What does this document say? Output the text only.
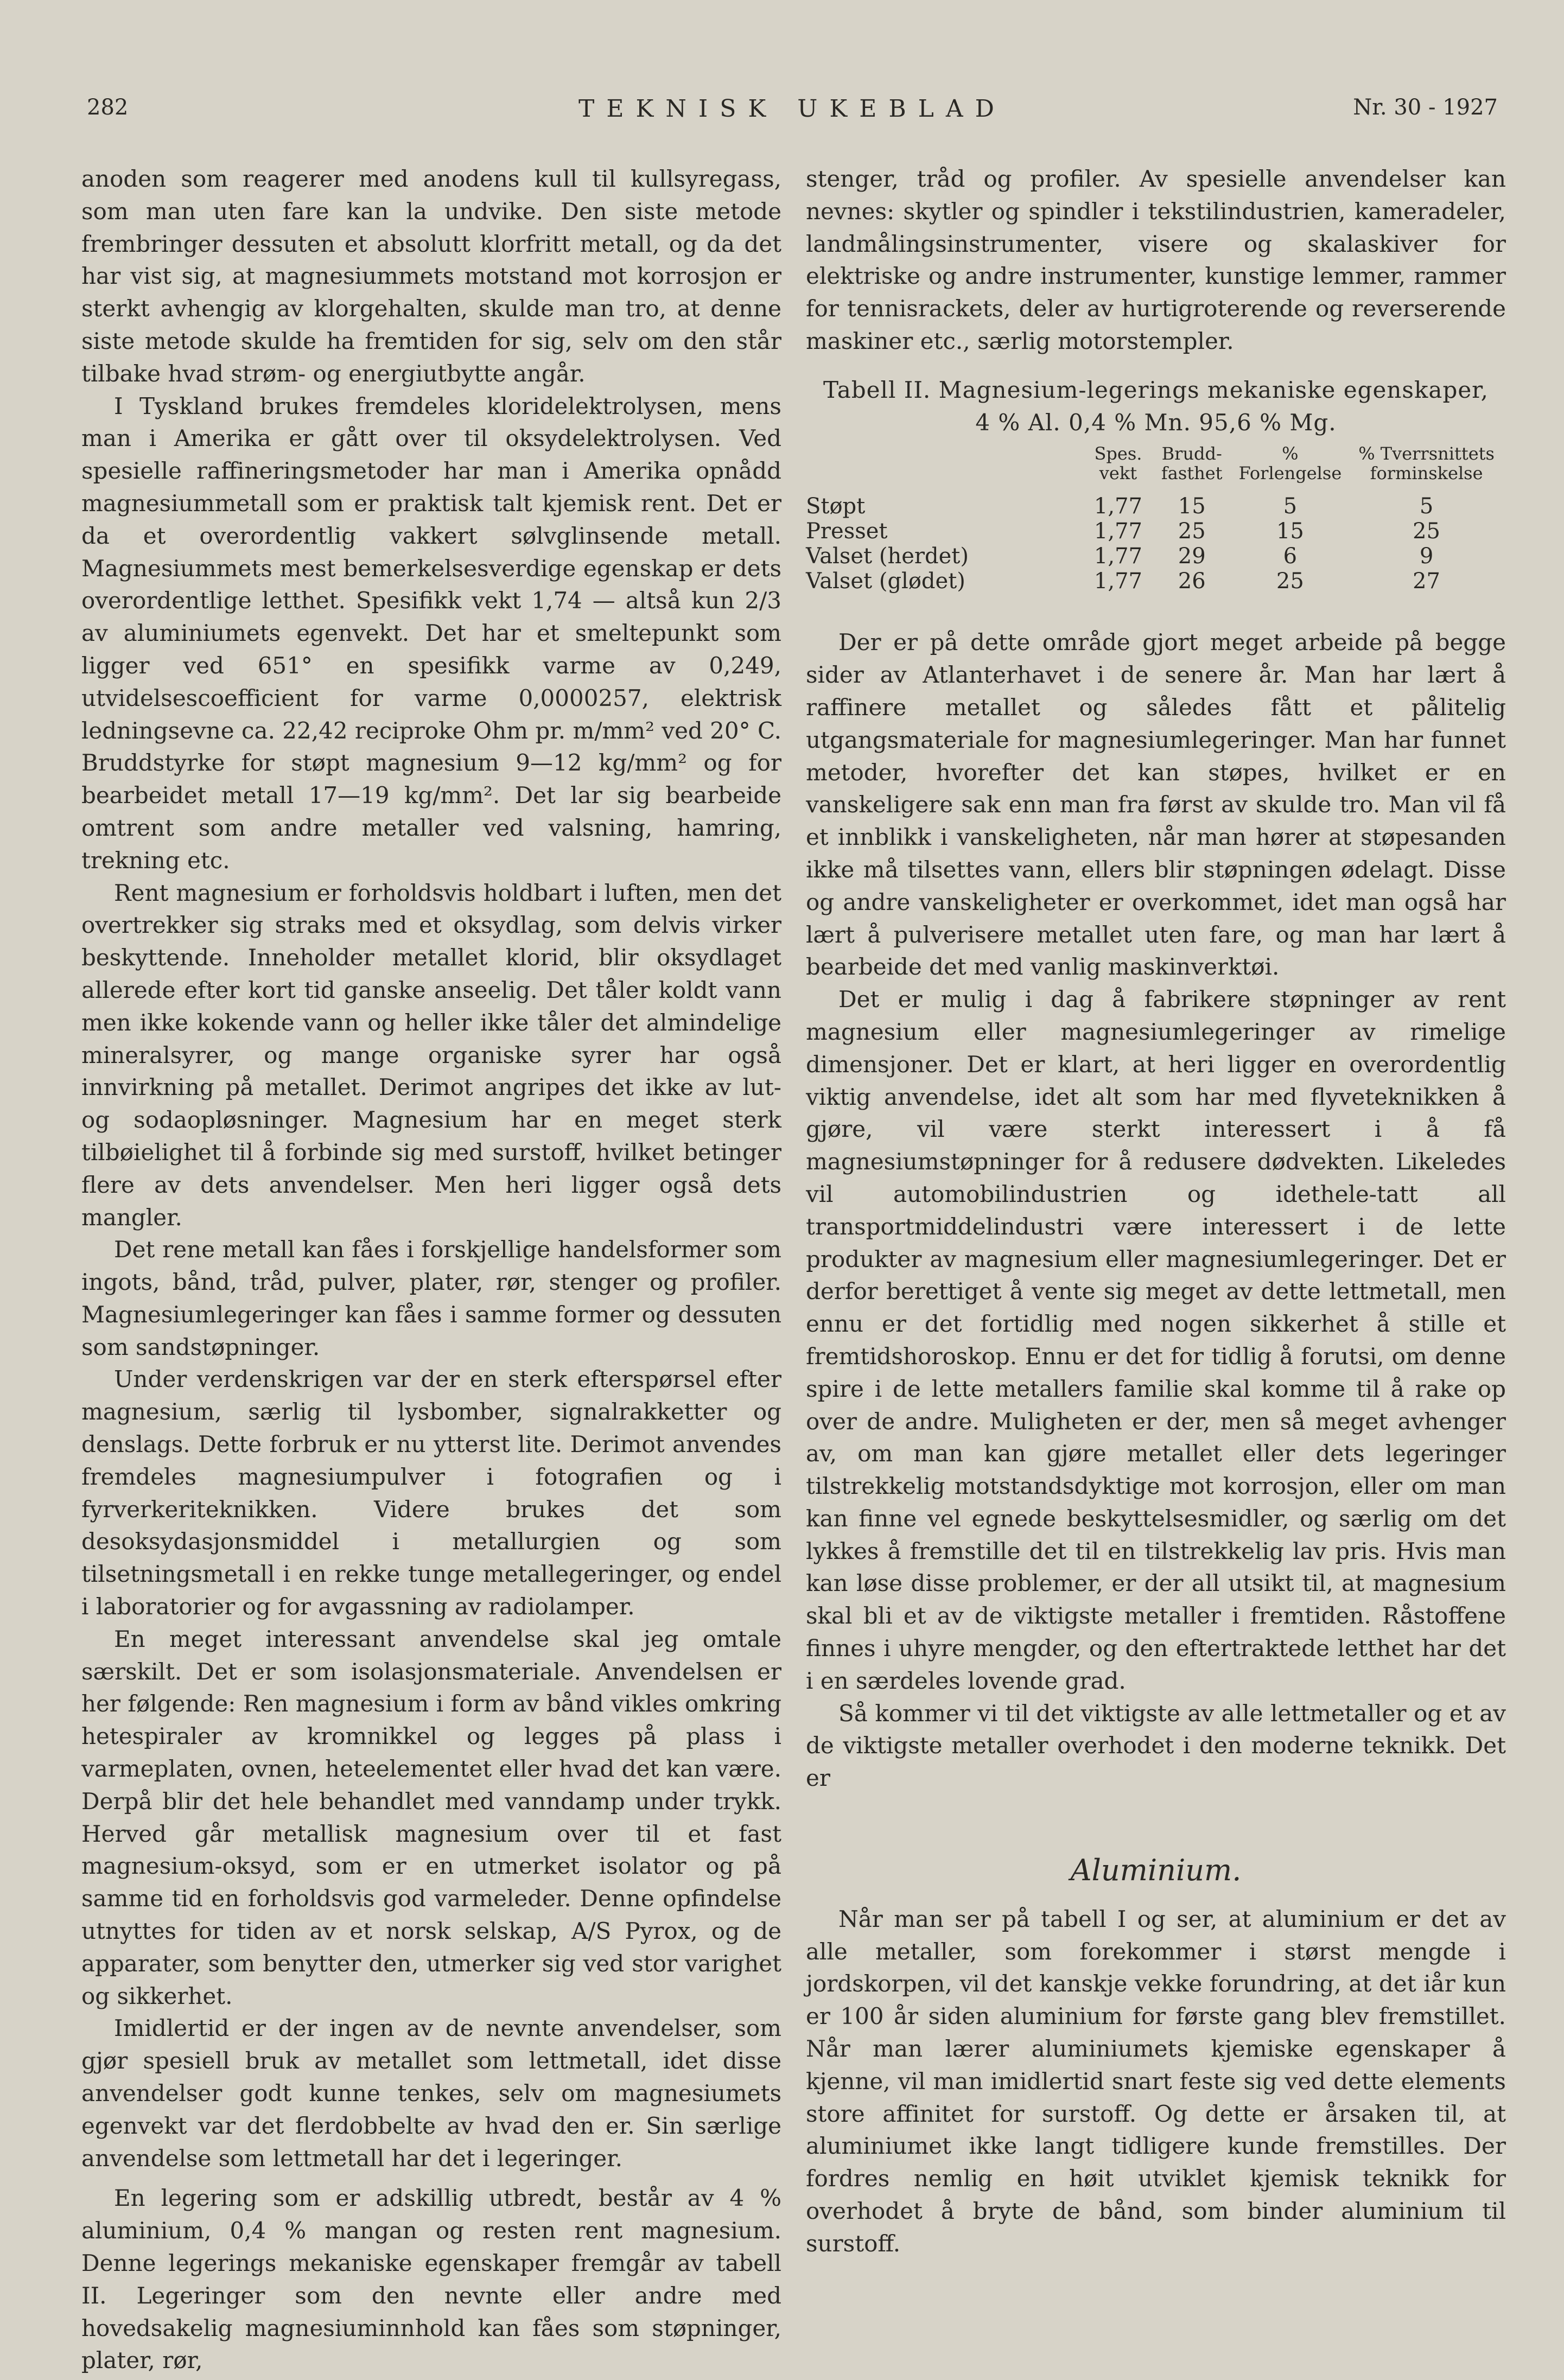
282	TEKNISK UKEBLAD	Nr. 30 - 1927

anoden som reagerer med anodens kull til kullsyregass, som man uten fare kan la undvike. Den siste metode frembringer dessuten et absolutt klorfritt metall, og da det har vist sig, at magnesiummets motstand mot korrosjon er sterkt avhengig av klorgehalten, skulde man tro, at denne siste metode skulde ha fremtiden for sig, selv om den står tilbake hvad strøm- og energiutbytte angår.

I Tyskland brukes fremdeles kloridelektrolysen, mens man i Amerika er gått over til oksydelektrolysen. Ved spesielle raffineringsmetoder har man i Amerika opnådd magnesiummetall som er praktisk talt kjemisk rent. Det er da et overordentlig vakkert sølvglinsende metall. Magnesiummets mest bemerkelsesverdige egenskap er dets overordentlige letthet. Spesifikk vekt 1,74 — altså kun 2/3 av aluminiumets egenvekt. Det har et smeltepunkt som ligger ved 651° en spesifikk varme av 0,249, utvidelsescoefficient for varme 0,0000257, elektrisk ledningsevne ca. 22,42 reciproke Ohm pr. m/mm² ved 20° C. Bruddstyrke for støpt magnesium 9—12 kg/mm² og for bearbeidet metall 17—19 kg/mm². Det lar sig bearbeide omtrent som andre metaller ved valsning, hamring, trekning etc.

Rent magnesium er forholdsvis holdbart i luften, men det overtrekker sig straks med et oksydlag, som delvis virker beskyttende. Inneholder metallet klorid, blir oksydlaget allerede efter kort tid ganske anseelig. Det tåler koldt vann men ikke kokende vann og heller ikke tåler det almindelige mineralsyrer, og mange organiske syrer har også innvirkning på metallet. Derimot angripes det ikke av lut- og sodaopløsninger. Magnesium har en meget sterk tilbøielighet til å forbinde sig med surstoff, hvilket betinger flere av dets anvendelser. Men heri ligger også dets mangler.

Det rene metall kan fåes i forskjellige handelsformer som ingots, bånd, tråd, pulver, plater, rør, stenger og profiler. Magnesiumlegeringer kan fåes i samme former og dessuten som sandstøpninger.

Under verdenskrigen var der en sterk efterspørsel efter magnesium, særlig til lysbomber, signalrakketter og denslags. Dette forbruk er nu ytterst lite. Derimot anvendes fremdeles magnesiumpulver i fotografien og i fyrverkeriteknikken. Videre brukes det som desoksydasjonsmiddel i metallurgien og som tilsetningsmetall i en rekke tunge metallegeringer, og endel i laboratorier og for avgassning av radiolamper.

En meget interessant anvendelse skal jeg omtale særskilt. Det er som isolasjonsmateriale. Anvendelsen er her følgende: Ren magnesium i form av bånd vikles omkring hetespiraler av kromnikkel og legges på plass i varmeplaten, ovnen, heteelementet eller hvad det kan være. Derpå blir det hele behandlet med vanndamp under trykk. Herved går metallisk magnesium over til et fast magnesium-oksyd, som er en utmerket isolator og på samme tid en forholdsvis god varmeleder. Denne opfindelse utnyttes for tiden av et norsk selskap, A/S Pyrox, og de apparater, som benytter den, utmerker sig ved stor varighet og sikkerhet.

Imidlertid er der ingen av de nevnte anvendelser, som gjør spesiell bruk av metallet som lettmetall, idet disse anvendelser godt kunne tenkes, selv om magnesiumets egenvekt var det flerdobbelte av hvad den er. Sin særlige anvendelse som lettmetall har det i legeringer.

En legering som er adskillig utbredt, består av 4 % aluminium, 0,4 % mangan og resten rent magnesium. Denne legerings mekaniske egenskaper fremgår av tabell II. Legeringer som den nevnte eller andre med hovedsakelig magnesiuminnhold kan fåes som støpninger, plater, rør,

stenger, tråd og profiler. Av spesielle anvendelser kan nevnes: skytler og spindler i tekstilindustrien, kameradeler, landmålingsinstrumenter, visere og skalaskiver for elektriske og andre instrumenter, kunstige lemmer, rammer for tennisrackets, deler av hurtigroterende og reverserende maskiner etc., særlig motorstempler.

Tabell II. Magnesium-legerings mekaniske egenskaper,
4 % Al. 0,4 % Mn. 95,6 % Mg.
	Spes. vekt	Brudd-fasthet	% Forlengelse	% Tverrsnittets forminskelse
Støpt	1,77	15	5	5
Presset	1,77	25	15	25
Valset (herdet)	1,77	29	6	9
Valset (glødet)	1,77	26	25	27

Der er på dette område gjort meget arbeide på begge sider av Atlanterhavet i de senere år. Man har lært å raffinere metallet og således fått et pålitelig utgangsmateriale for magnesiumlegeringer. Man har funnet metoder, hvorefter det kan støpes, hvilket er en vanskeligere sak enn man fra først av skulde tro. Man vil få et innblikk i vanskeligheten, når man hører at støpesanden ikke må tilsettes vann, ellers blir støpningen ødelagt. Disse og andre vanskeligheter er overkommet, idet man også har lært å pulverisere metallet uten fare, og man har lært å bearbeide det med vanlig maskinverktøi.

Det er mulig i dag å fabrikere støpninger av rent magnesium eller magnesiumlegeringer av rimelige dimensjoner. Det er klart, at heri ligger en overordentlig viktig anvendelse, idet alt som har med flyveteknikken å gjøre, vil være sterkt interessert i å få magnesiumstøpninger for å redusere dødvekten. Likeledes vil automobilindustrien og idethele-tatt all transportmiddelindustri være interessert i de lette produkter av magnesium eller magnesiumlegeringer. Det er derfor berettiget å vente sig meget av dette lettmetall, men ennu er det fortidlig med nogen sikkerhet å stille et fremtidshoroskop. Ennu er det for tidlig å forutsi, om denne spire i de lette metallers familie skal komme til å rake op over de andre. Muligheten er der, men så meget avhenger av, om man kan gjøre metallet eller dets legeringer tilstrekkelig motstandsdyktige mot korrosjon, eller om man kan finne vel egnede beskyttelsesmidler, og særlig om det lykkes å fremstille det til en tilstrekkelig lav pris. Hvis man kan løse disse problemer, er der all utsikt til, at magnesium skal bli et av de viktigste metaller i fremtiden. Råstoffene finnes i uhyre mengder, og den eftertraktede letthet har det i en særdeles lovende grad.

Så kommer vi til det viktigste av alle lettmetaller og et av de viktigste metaller overhodet i den moderne teknikk. Det er

Aluminium.

Når man ser på tabell I og ser, at aluminium er det av alle metaller, som forekommer i størst mengde i jordskorpen, vil det kanskje vekke forundring, at det iår kun er 100 år siden aluminium for første gang blev fremstillet. Når man lærer aluminiumets kjemiske egenskaper å kjenne, vil man imidlertid snart feste sig ved dette elements store affinitet for surstoff. Og dette er årsaken til, at aluminiumet ikke langt tidligere kunde fremstilles. Der fordres nemlig en høit utviklet kjemisk teknikk for overhodet å bryte de bånd, som binder aluminium til surstoff.
